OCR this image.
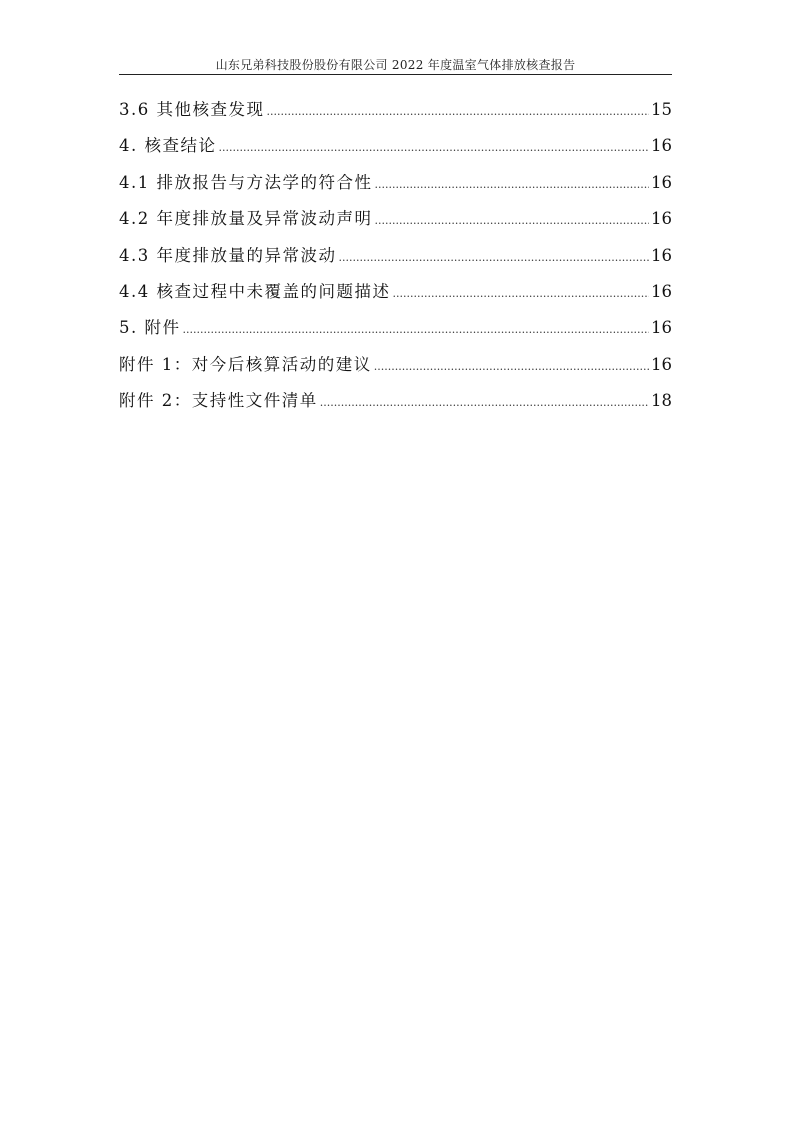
山东兄弟科技股份股份有限公司 2022 年度温室气体排放核查报告
3.6 其他核查发现 .....	15
4. 核查结论 .....	16
4.1 排放报告与方法学的符合性 .....	16
4.2 年度排放量及异常波动声明 .....	16
4.3 年度排放量的异常波动 .....	16
4.4 核查过程中未覆盖的问题描述 .....	16
5. 附件 .....	16
附件 1：对今后核算活动的建议 .....	16
附件 2：支持性文件清单 .....	18
